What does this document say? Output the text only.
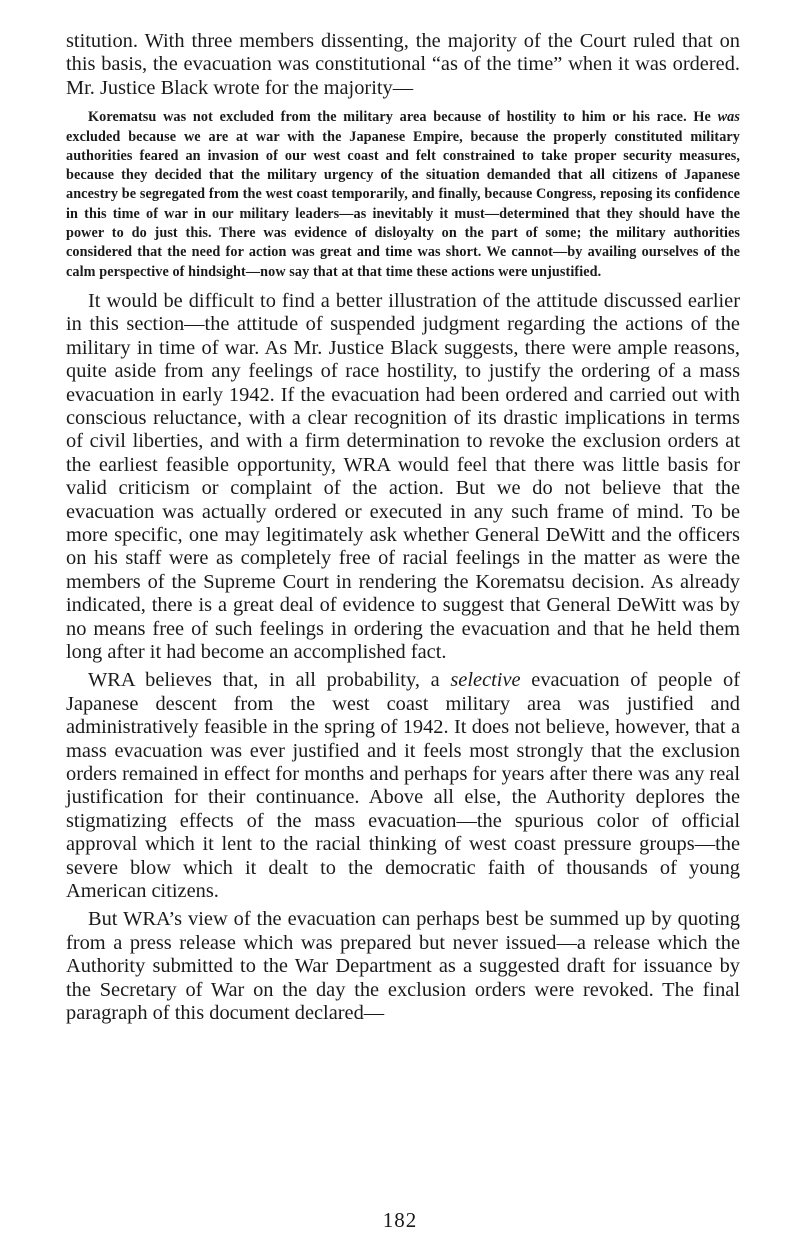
stitution. With three members dissenting, the majority of the Court ruled that on this basis, the evacuation was constitutional “as of the time” when it was ordered. Mr. Justice Black wrote for the majority—

Korematsu was not excluded from the military area because of hostility to him or his race. He was excluded because we are at war with the Japanese Empire, because the properly constituted military authorities feared an invasion of our west coast and felt constrained to take proper security measures, because they decided that the military urgency of the situation demanded that all citizens of Japanese ancestry be segregated from the west coast temporarily, and finally, because Congress, reposing its confidence in this time of war in our military leaders—as inevitably it must—determined that they should have the power to do just this. There was evidence of disloyalty on the part of some; the military authorities considered that the need for action was great and time was short. We cannot—by availing ourselves of the calm perspective of hindsight—now say that at that time these actions were unjustified.

It would be difficult to find a better illustration of the attitude discussed earlier in this section—the attitude of suspended judgment regarding the actions of the military in time of war. As Mr. Justice Black suggests, there were ample reasons, quite aside from any feelings of race hostility, to justify the ordering of a mass evacuation in early 1942. If the evacuation had been ordered and carried out with conscious reluctance, with a clear recognition of its drastic implications in terms of civil liberties, and with a firm determination to revoke the exclusion orders at the earliest feasible opportunity, WRA would feel that there was little basis for valid criticism or complaint of the action. But we do not believe that the evacuation was actually ordered or executed in any such frame of mind. To be more specific, one may legitimately ask whether General DeWitt and the officers on his staff were as completely free of racial feelings in the matter as were the members of the Supreme Court in rendering the Korematsu decision. As already indicated, there is a great deal of evidence to suggest that General DeWitt was by no means free of such feelings in ordering the evacuation and that he held them long after it had become an accomplished fact.

WRA believes that, in all probability, a selective evacuation of people of Japanese descent from the west coast military area was justified and administratively feasible in the spring of 1942. It does not believe, however, that a mass evacuation was ever justified and it feels most strongly that the exclusion orders remained in effect for months and perhaps for years after there was any real justification for their continuance. Above all else, the Authority deplores the stigmatizing effects of the mass evacuation—the spurious color of official approval which it lent to the racial thinking of west coast pressure groups—the severe blow which it dealt to the democratic faith of thousands of young American citizens.

But WRA’s view of the evacuation can perhaps best be summed up by quoting from a press release which was prepared but never issued—a release which the Authority submitted to the War Department as a suggested draft for issuance by the Secretary of War on the day the exclusion orders were revoked. The final paragraph of this document declared—

182
